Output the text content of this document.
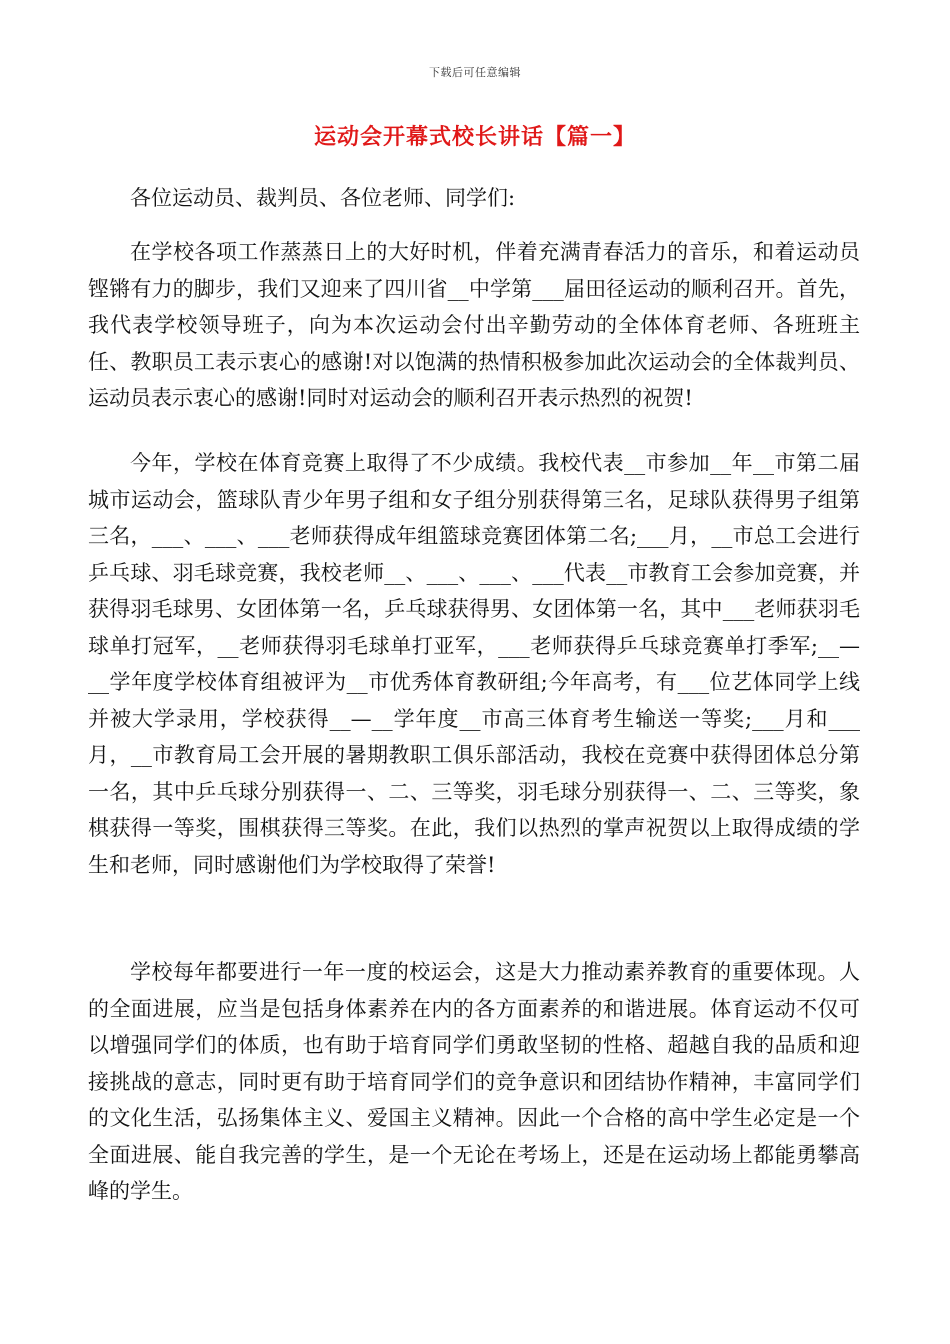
下载后可任意编辑
运动会开幕式校长讲话【篇一】

各位运动员、裁判员、各位老师、同学们:

在学校各项工作蒸蒸日上的大好时机，伴着充满青春活力的音乐，和着运动员铿锵有力的脚步，我们又迎来了四川省__中学第___届田径运动的顺利召开。首先，我代表学校领导班子，向为本次运动会付出辛勤劳动的全体体育老师、各班班主任、教职员工表示衷心的感谢!对以饱满的热情积极参加此次运动会的全体裁判员、运动员表示衷心的感谢!同时对运动会的顺利召开表示热烈的祝贺!

今年，学校在体育竞赛上取得了不少成绩。我校代表__市参加__年__市第二届城市运动会，篮球队青少年男子组和女子组分别获得第三名，足球队获得男子组第三名，___、___、___老师获得成年组篮球竞赛团体第二名;___月，__市总工会进行乒乓球、羽毛球竞赛，我校老师__、___、___、___代表__市教育工会参加竞赛，并获得羽毛球男、女团体第一名，乒乓球获得男、女团体第一名，其中___老师获羽毛球单打冠军，__老师获得羽毛球单打亚军，___老师获得乒乓球竞赛单打季军;__—__学年度学校体育组被评为__市优秀体育教研组;今年高考，有___位艺体同学上线并被大学录用，学校获得__—__学年度__市高三体育考生输送一等奖;___月和___月，__市教育局工会开展的暑期教职工俱乐部活动，我校在竞赛中获得团体总分第一名，其中乒乓球分别获得一、二、三等奖，羽毛球分别获得一、二、三等奖，象棋获得一等奖，围棋获得三等奖。在此，我们以热烈的掌声祝贺以上取得成绩的学生和老师，同时感谢他们为学校取得了荣誉!

学校每年都要进行一年一度的校运会，这是大力推动素养教育的重要体现。人的全面进展，应当是包括身体素养在内的各方面素养的和谐进展。体育运动不仅可以增强同学们的体质，也有助于培育同学们勇敢坚韧的性格、超越自我的品质和迎接挑战的意志，同时更有助于培育同学们的竞争意识和团结协作精神，丰富同学们的文化生活，弘扬集体主义、爱国主义精神。因此一个合格的高中学生必定是一个全面进展、能自我完善的学生，是一个无论在考场上，还是在运动场上都能勇攀高峰的学生。
